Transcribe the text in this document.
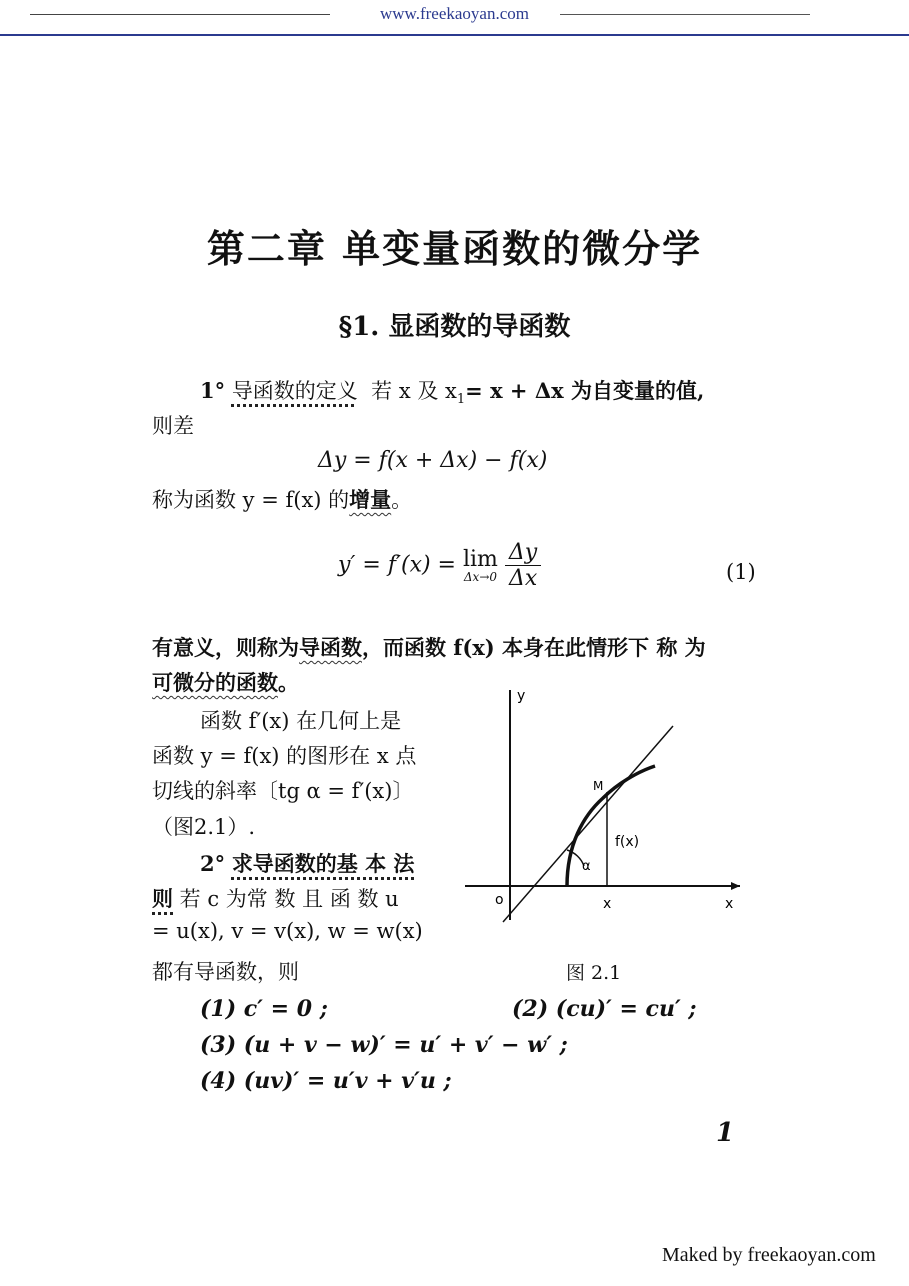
www.freekaoyan.com
第二章 单变量函数的微分学
§1. 显函数的导函数
1° 导函数的定义 若 x 及 $x_1= x + \Delta x$ 为自变量的值,
则差
Δy = f(x + Δx) − f(x)
称为函数 y = f(x) 的增量。
y′ = f′(x) = lim
Δx→0
$\frac{\Delta y}{\Delta x}$	(1)
有意义，则称为导函数，而函数 f(x) 本身在此情形下 称 为
可微分的函数。
函数 f′(x) 在几何上是
函数 y = f(x) 的图形在 x 点
切线的斜率〔tg α = f′(x)〕
（图2.1）.
2° 求导函数的基 本 法
则 若 c 为常 数 且 函 数 u
= u(x), v = v(x), w = w(x)
都有导函数，则
y
o	x
x
M
f(x)
α
图 2.1
(1) c′ = 0 ;	(2) (cu)′ = cu′ ;
(3) (u + v − w)′ = u′ + v′ − w′ ;
(4) (uv)′ = u′v + v′u ;
1
Maked by freekaoyan.com
